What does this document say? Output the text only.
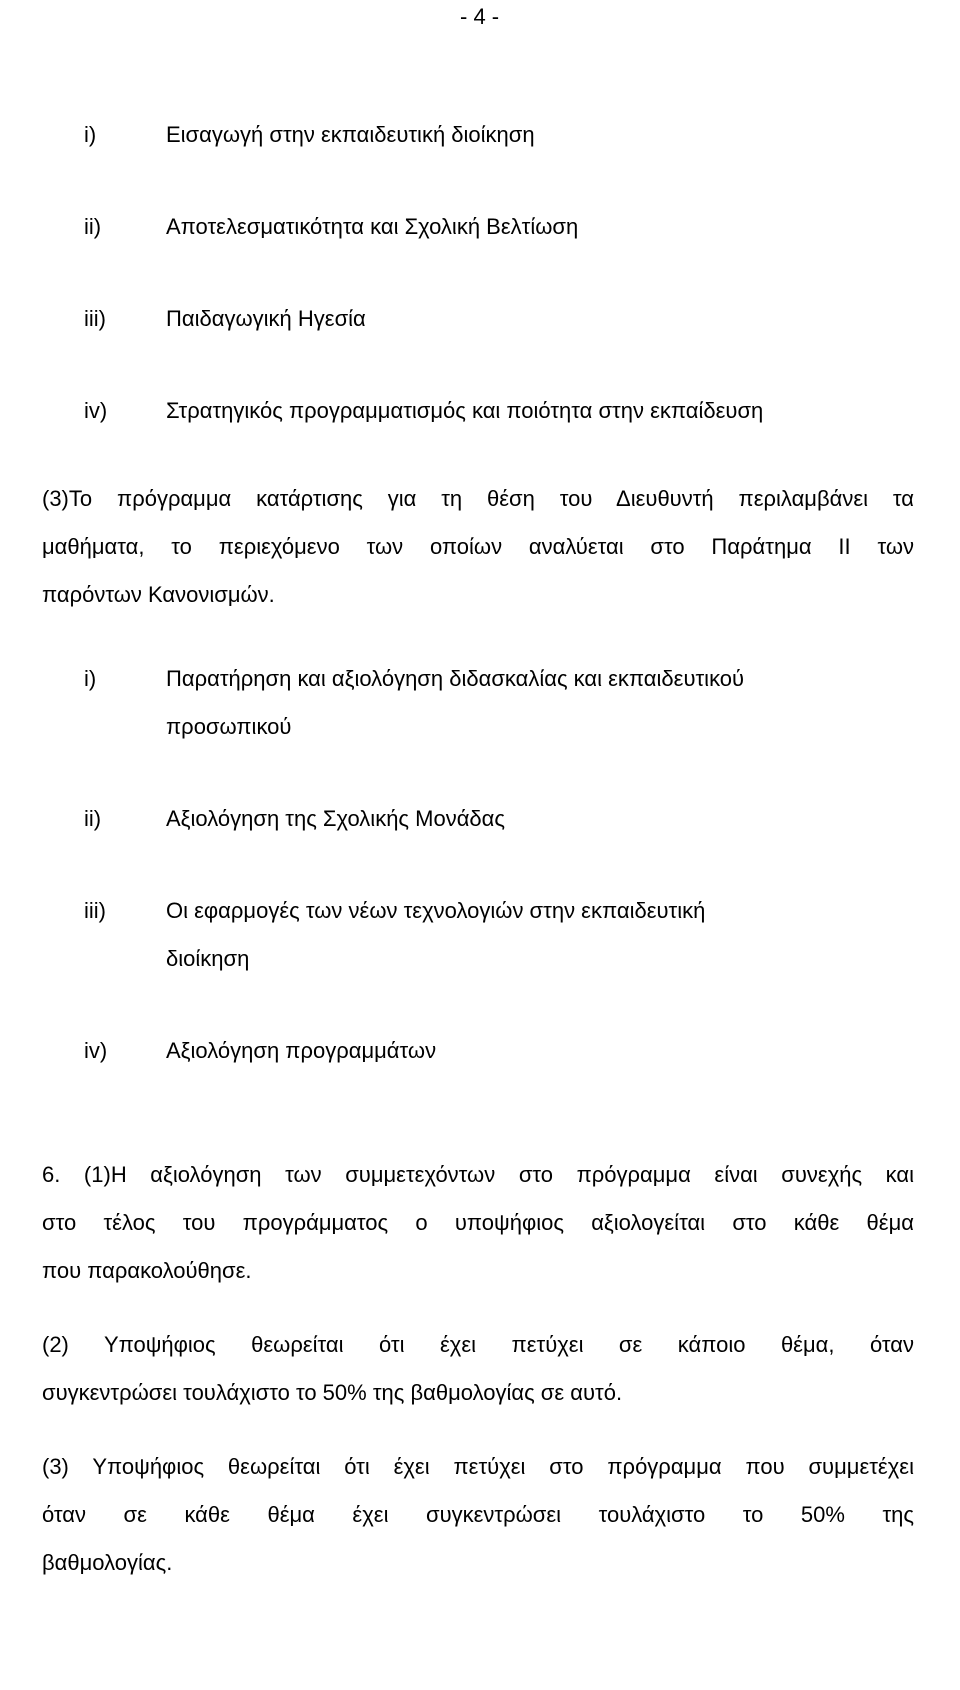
- 4 -
i)	Εισαγωγή στην εκπαιδευτική διοίκηση
ii)	Αποτελεσματικότητα και Σχολική Βελτίωση
iii)	Παιδαγωγική Ηγεσία
iv)	Στρατηγικός προγραμματισμός και ποιότητα στην εκπαίδευση
(3)Το πρόγραμμα κατάρτισης για τη θέση του Διευθυντή περιλαμβάνει τα
μαθήματα, το περιεχόμενο των οποίων αναλύεται στο Παράτημα ΙΙ των
παρόντων Κανονισμών.
i)	Παρατήρηση και αξιολόγηση διδασκαλίας και εκπαιδευτικού
προσωπικού
ii)	Αξιολόγηση της Σχολικής Μονάδας
iii)	Οι εφαρμογές των νέων τεχνολογιών στην εκπαιδευτική
διοίκηση
iv)	Αξιολόγηση προγραμμάτων
6. (1)Η αξιολόγηση των συμμετεχόντων στο πρόγραμμα είναι συνεχής και
στο τέλος του προγράμματος ο υποψήφιος αξιολογείται στο κάθε θέμα
που παρακολούθησε.
(2) Υποψήφιος θεωρείται ότι έχει πετύχει σε κάποιο θέμα, όταν
συγκεντρώσει τουλάχιστο το 50% της βαθμολογίας σε αυτό.
(3) Υποψήφιος θεωρείται ότι έχει πετύχει στο πρόγραμμα που συμμετέχει
όταν σε κάθε θέμα έχει συγκεντρώσει τουλάχιστο το 50% της
βαθμολογίας.
